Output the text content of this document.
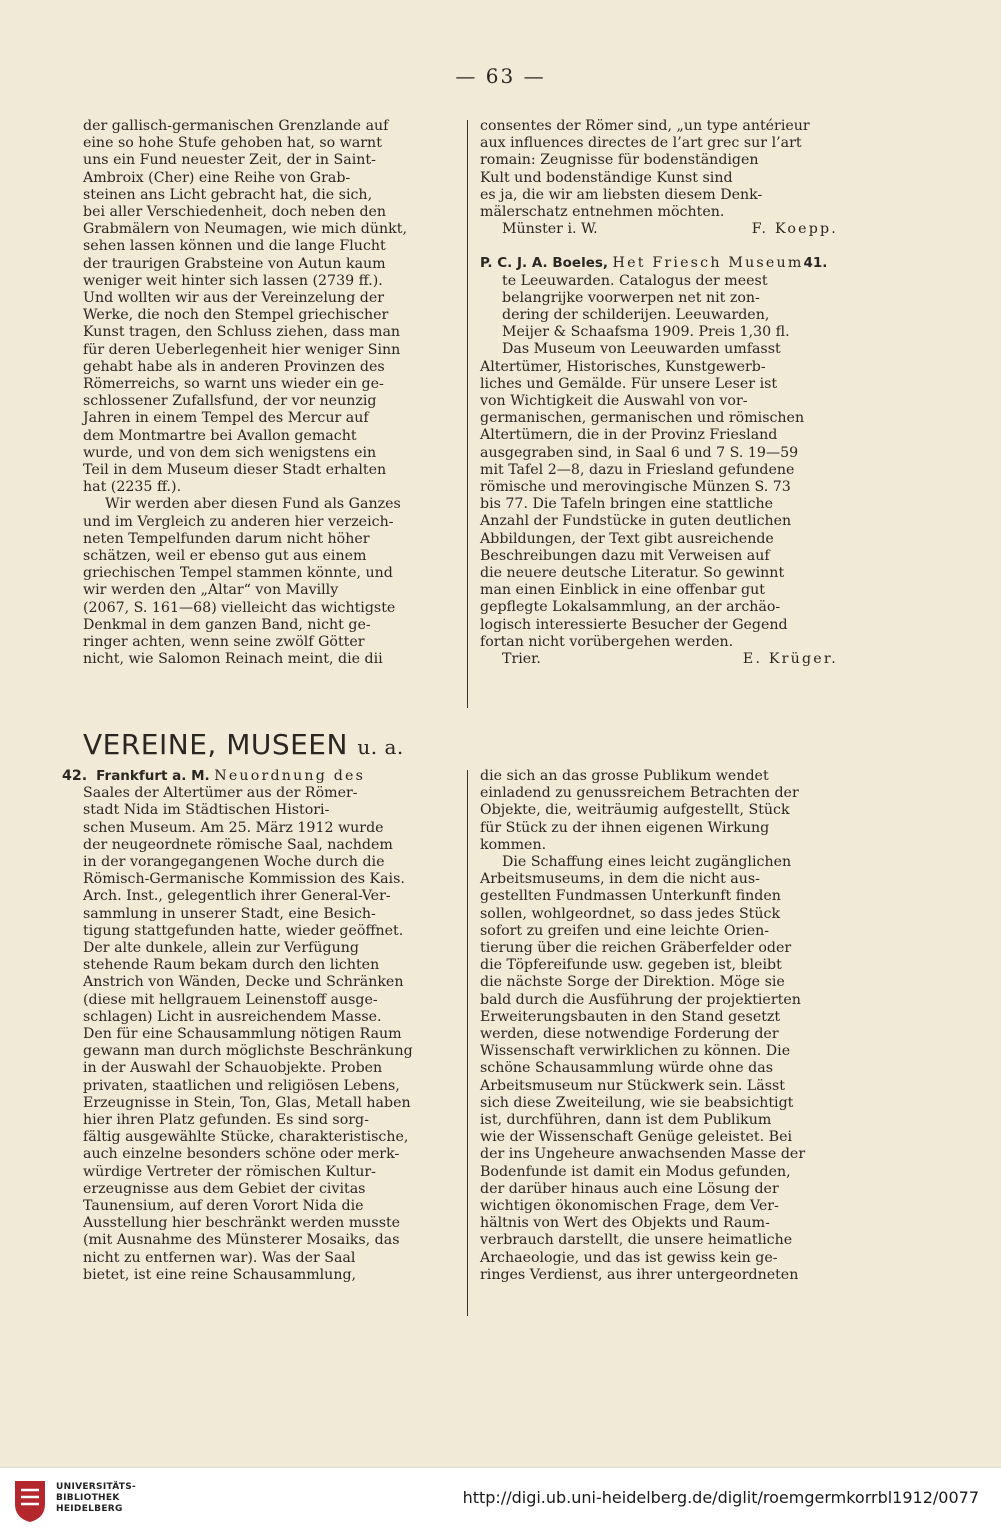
— 63 —
der gallisch-germanischen Grenzlande auf
eine so hohe Stufe gehoben hat, so warnt
uns ein Fund neuester Zeit, der in Saint-
Ambroix (Cher) eine Reihe von Grab-
steinen ans Licht gebracht hat, die sich,
bei aller Verschiedenheit, doch neben den
Grabmälern von Neumagen, wie mich dünkt,
sehen lassen können und die lange Flucht
der traurigen Grabsteine von Autun kaum
weniger weit hinter sich lassen (2739 ff.).
Und wollten wir aus der Vereinzelung der
Werke, die noch den Stempel griechischer
Kunst tragen, den Schluss ziehen, dass man
für deren Ueberlegenheit hier weniger Sinn
gehabt habe als in anderen Provinzen des
Römerreichs, so warnt uns wieder ein ge-
schlossener Zufallsfund, der vor neunzig
Jahren in einem Tempel des Mercur auf
dem Montmartre bei Avallon gemacht
wurde, und von dem sich wenigstens ein
Teil in dem Museum dieser Stadt erhalten
hat (2235 ff.).
Wir werden aber diesen Fund als Ganzes
und im Vergleich zu anderen hier verzeich-
neten Tempelfunden darum nicht höher
schätzen, weil er ebenso gut aus einem
griechischen Tempel stammen könnte, und
wir werden den „Altar“ von Mavilly
(2067, S. 161—68) vielleicht das wichtigste
Denkmal in dem ganzen Band, nicht ge-
ringer achten, wenn seine zwölf Götter
nicht, wie Salomon Reinach meint, die dii
consentes der Römer sind, „un type antérieur
aux influences directes de l’art grec sur l’art
romain: Zeugnisse für bodenständigen
Kult und bodenständige Kunst sind
es ja, die wir am liebsten diesem Denk-
mälerschatz entnehmen möchten.
Münster i. W.	F. Koepp.

P. C. J. A. Boeles, Het Friesch Museum41.

te Leeuwarden. Catalogus der meest
belangrijke voorwerpen net nit zon-
dering der schilderijen. Leeuwarden,
Meijer & Schaafsma 1909. Preis 1,30 fl.
Das Museum von Leeuwarden umfasst
Altertümer, Historisches, Kunstgewerb-
liches und Gemälde. Für unsere Leser ist
von Wichtigkeit die Auswahl von vor-
germanischen, germanischen und römischen
Altertümern, die in der Provinz Friesland
ausgegraben sind, in Saal 6 und 7 S. 19—59
mit Tafel 2—8, dazu in Friesland gefundene
römische und merovingische Münzen S. 73
bis 77. Die Tafeln bringen eine stattliche
Anzahl der Fundstücke in guten deutlichen
Abbildungen, der Text gibt ausreichende
Beschreibungen dazu mit Verweisen auf
die neuere deutsche Literatur. So gewinnt
man einen Einblick in eine offenbar gut
gepflegte Lokalsammlung, an der archäo-
logisch interessierte Besucher der Gegend
fortan nicht vorübergehen werden.
Trier.	E. Krüger.
VEREINE, MUSEEN u. a.

42. Frankfurt a. M. Neuordnung des

Saales der Altertümer aus der Römer-
stadt Nida im Städtischen Histori-
schen Museum. Am 25. März 1912 wurde
der neugeordnete römische Saal, nachdem
in der vorangegangenen Woche durch die
Römisch-Germanische Kommission des Kais.
Arch. Inst., gelegentlich ihrer General-Ver-
sammlung in unserer Stadt, eine Besich-
tigung stattgefunden hatte, wieder geöffnet.
Der alte dunkele, allein zur Verfügung
stehende Raum bekam durch den lichten
Anstrich von Wänden, Decke und Schränken
(diese mit hellgrauem Leinenstoff ausge-
schlagen) Licht in ausreichendem Masse.
Den für eine Schausammlung nötigen Raum
gewann man durch möglichste Beschränkung
in der Auswahl der Schauobjekte. Proben
privaten, staatlichen und religiösen Lebens,
Erzeugnisse in Stein, Ton, Glas, Metall haben
hier ihren Platz gefunden. Es sind sorg-
fältig ausgewählte Stücke, charakteristische,
auch einzelne besonders schöne oder merk-
würdige Vertreter der römischen Kultur-
erzeugnisse aus dem Gebiet der civitas
Taunensium, auf deren Vorort Nida die
Ausstellung hier beschränkt werden musste
(mit Ausnahme des Münsterer Mosaiks, das
nicht zu entfernen war). Was der Saal
bietet, ist eine reine Schausammlung,
die sich an das grosse Publikum wendet
einladend zu genussreichem Betrachten der
Objekte, die, weiträumig aufgestellt, Stück
für Stück zu der ihnen eigenen Wirkung
kommen.
Die Schaffung eines leicht zugänglichen
Arbeitsmuseums, in dem die nicht aus-
gestellten Fundmassen Unterkunft finden
sollen, wohlgeordnet, so dass jedes Stück
sofort zu greifen und eine leichte Orien-
tierung über die reichen Gräberfelder oder
die Töpfereifunde usw. gegeben ist, bleibt
die nächste Sorge der Direktion. Möge sie
bald durch die Ausführung der projektierten
Erweiterungsbauten in den Stand gesetzt
werden, diese notwendige Forderung der
Wissenschaft verwirklichen zu können. Die
schöne Schausammlung würde ohne das
Arbeitsmuseum nur Stückwerk sein. Lässt
sich diese Zweiteilung, wie sie beabsichtigt
ist, durchführen, dann ist dem Publikum
wie der Wissenschaft Genüge geleistet. Bei
der ins Ungeheure anwachsenden Masse der
Bodenfunde ist damit ein Modus gefunden,
der darüber hinaus auch eine Lösung der
wichtigen ökonomischen Frage, dem Ver-
hältnis von Wert des Objekts und Raum-
verbrauch darstellt, die unsere heimatliche
Archaeologie, und das ist gewiss kein ge-
ringes Verdienst, aus ihrer untergeordneten
UNIVERSITÄTS-
BIBLIOTHEK
HEIDELBERG
http://digi.ub.uni-heidelberg.de/diglit/roemgermkorrbl1912/0077
